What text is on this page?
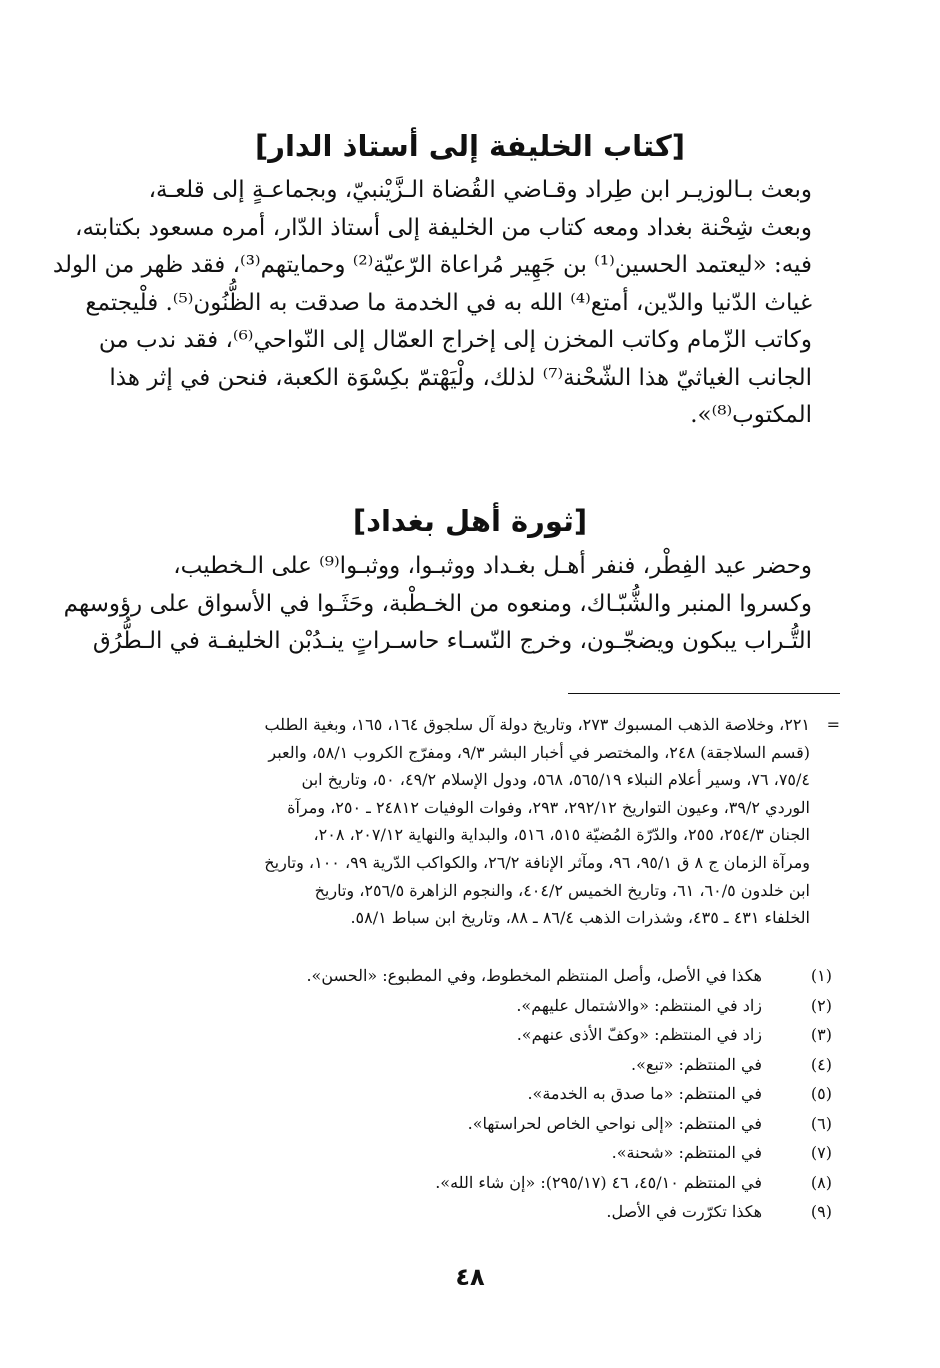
[كتاب الخليفة إلى أستاذ الدار]
وبعث بـالوزيـر ابن طِراد وقـاضي القُضاة الـزَّيْنبيّ، وبجماعـةٍ إلى قلعـة،
وبعث شِحْنة بغداد ومعه كتاب من الخليفة إلى أستاذ الدّار، أمره مسعود بكتابته،
فيه: «ليعتمد الحسين⁽¹⁾ بن جَهِير مُراعاة الرّعيّة⁽²⁾ وحمايتهم⁽³⁾، فقد ظهر من الولد
غياث الدّنيا والدّين، أمتع⁽⁴⁾ الله به في الخدمة ما صدقت به الظُّنُون⁽⁵⁾. فلْيجتمع
وكاتب الزّمام وكاتب المخزن إلى إخراج العمّال إلى النّواحي⁽⁶⁾، فقد ندب من
الجانب الغياثيّ هذا الشّحْنة⁽⁷⁾ لذلك، ولْيَهْتمّ بكِسْوَة الكعبة، فنحن في إثر هذا
المكتوب⁽⁸⁾».
[ثورة أهل بغداد]
وحضر عيد الفِطْر، فنفر أهـل بغـداد ووثبـوا، ووثبـوا⁽⁹⁾ على الـخطيب،
وكسروا المنبر والشُّبّـاك، ومنعوه من الخـطْبة، وحَثَـوا في الأسواق على رؤوسهم
التُّـراب يبكون ويضجّـون، وخرج النّسـاء حاسـراتٍ ينـدُبْن الخليفـة في الـطُّرُق
=
٢٢١، وخلاصة الذهب المسبوك ٢٧٣، وتاريخ دولة آل سلجوق ١٦٤، ١٦٥، وبغية الطلب
(قسم السلاجقة) ٢٤٨، والمختصر في أخبار البشر ٩/٣، ومفرّج الكروب ٥٨/١، والعبر
٧٥/٤، ٧٦، وسير أعلام النبلاء ٥٦٥/١٩، ٥٦٨، ودول الإسلام ٤٩/٢، ٥٠، وتاريخ ابن
الوردي ٣٩/٢، وعيون التواريخ ٢٩٢/١٢، ٢٩٣، وفوات الوفيات ٢٤٨١٢ ـ ٢٥٠، ومرآة
الجنان ٢٥٤/٣، ٢٥٥، والدّرّة المُضيّة ٥١٥، ٥١٦، والبداية والنهاية ٢٠٧/١٢، ٢٠٨،
ومرآة الزمان ج ٨ ق ٩٥/١، ٩٦، ومآثر الإنافة ٢٦/٢، والكواكب الدّرية ٩٩، ١٠٠، وتاريخ
ابن خلدون ٦٠/٥، ٦١، وتاريخ الخميس ٤٠٤/٢، والنجوم الزاهرة ٢٥٦/٥، وتاريخ
الخلفاء ٤٣١ ـ ٤٣٥، وشذرات الذهب ٨٦/٤ ـ ٨٨، وتاريخ ابن سباط ٥٨/١.
(١)
هكذا في الأصل، وأصل المنتظم المخطوط، وفي المطبوع: «الحسن».
(٢)
زاد في المنتظم: «والاشتمال عليهم».
(٣)
زاد في المنتظم: «وكفّ الأذى عنهم».
(٤)
في المنتظم: «تبع».
(٥)
في المنتظم: «ما صدق به الخدمة».
(٦)
في المنتظم: «إلى نواحي الخاص لحراستها».
(٧)
في المنتظم: «شحنة».
(٨)
في المنتظم ٤٥/١٠، ٤٦ (٢٩٥/١٧): «إن شاء الله».
(٩)
هكذا تكرّرت في الأصل.
٤٨
